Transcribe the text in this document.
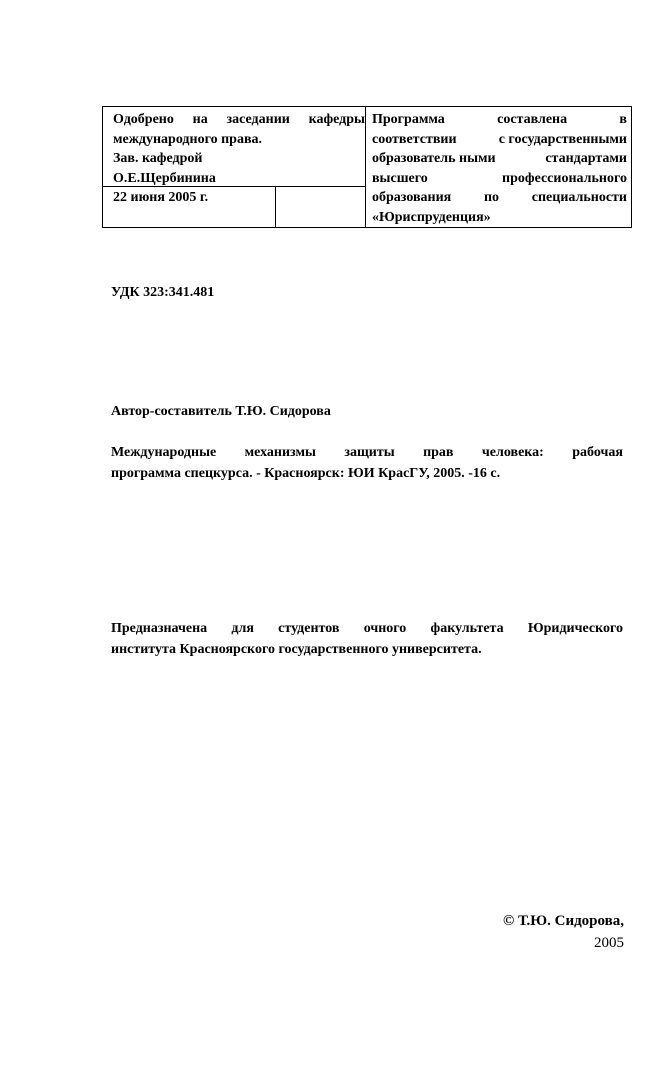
Одобрено на заседании кафедры
международного права.
Зав. кафедрой
О.Е.Щербинина
22 июня 2005 г.
Программа	составлена	в
соответствии	с государственными
образователь ными	стандартами
высшего	профессионального
образования по специальности
«Юриспруденция»
УДК 323:341.481
Автор-составитель Т.Ю. Сидорова
Международные механизмы защиты прав человека: рабочая
программа спецкурса. - Красноярск: ЮИ КрасГУ, 2005. -16 с.
Предназначена для студентов очного факультета Юридического
института Красноярского государственного университета.
© Т.Ю. Сидорова,
2005
